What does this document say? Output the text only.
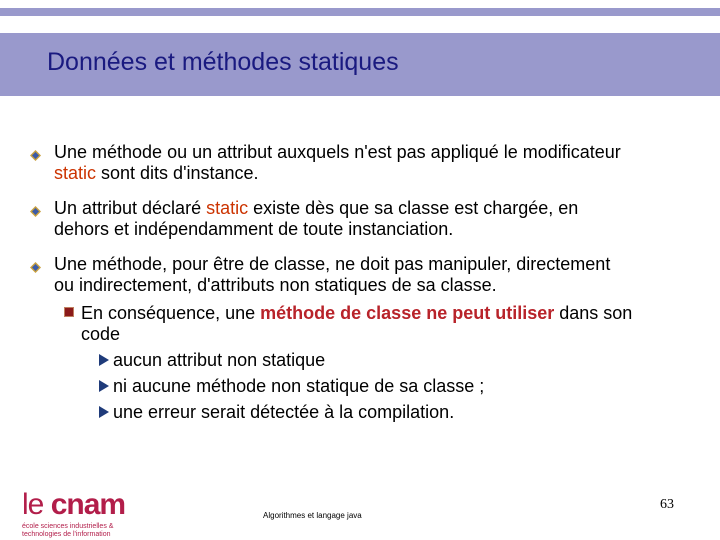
Données et méthodes statiques
Une méthode ou un attribut auxquels n'est pas appliqué le modificateur
static sont dits d'instance.
Un attribut déclaré static existe dès que sa classe est chargée, en
dehors et indépendamment de toute instanciation.
Une méthode, pour être de classe, ne doit pas manipuler, directement
ou indirectement, d'attributs non statiques de sa classe.
En conséquence, une méthode de classe ne peut utiliser dans son
code
aucun attribut non statique
ni aucune méthode non statique de sa classe ;
une erreur serait détectée à la compilation.
le cnam
école sciences industrielles &
technologies de l'information
Algorithmes et langage java
63
